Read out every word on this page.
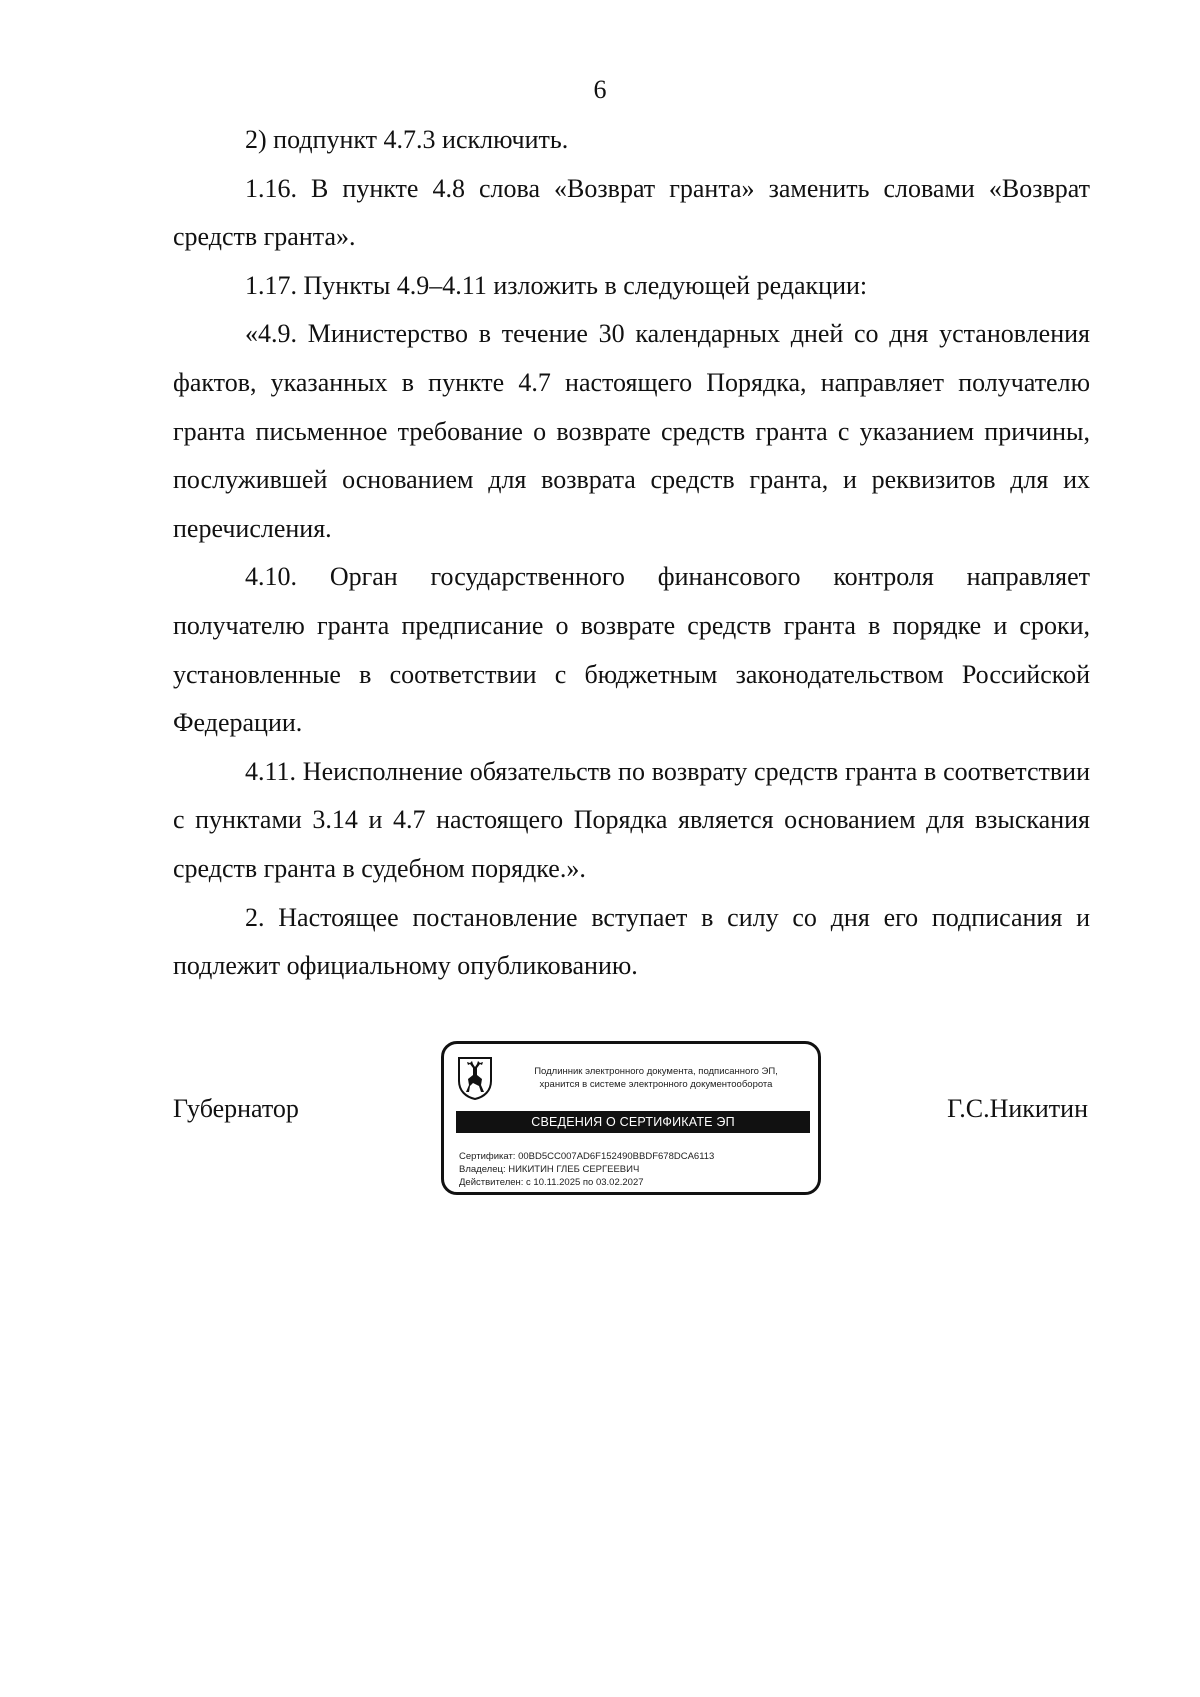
6

2) подпункт 4.7.3 исключить.

1.16. В пункте 4.8 слова «Возврат гранта» заменить словами «Возврат средств гранта».

1.17. Пункты 4.9–4.11 изложить в следующей редакции:

«4.9. Министерство в течение 30 календарных дней со дня установления фактов, указанных в пункте 4.7 настоящего Порядка, направляет получателю гранта письменное требование о возврате средств гранта с указанием причины, послужившей основанием для возврата средств гранта, и реквизитов для их перечисления.

4.10. Орган государственного финансового контроля направляет получателю гранта предписание о возврате средств гранта в порядке и сроки, установленные в соответствии с бюджетным законодательством Российской Федерации.

4.11. Неисполнение обязательств по возврату средств гранта в соответствии с пунктами 3.14 и 4.7 настоящего Порядка является основанием для взыскания средств гранта в судебном порядке.».

2. Настоящее постановление вступает в силу со дня его подписания и подлежит официальному опубликованию.

Губернатор
Подлинник электронного документа, подписанного ЭП,
хранится в системе электронного документооборота
СВЕДЕНИЯ О СЕРТИФИКАТЕ ЭП
Сертификат: 00BD5CC007AD6F152490BBDF678DCA6113
Владелец: НИКИТИН ГЛЕБ СЕРГЕЕВИЧ
Действителен: с 10.11.2025 по 03.02.2027
Г.С.Никитин
